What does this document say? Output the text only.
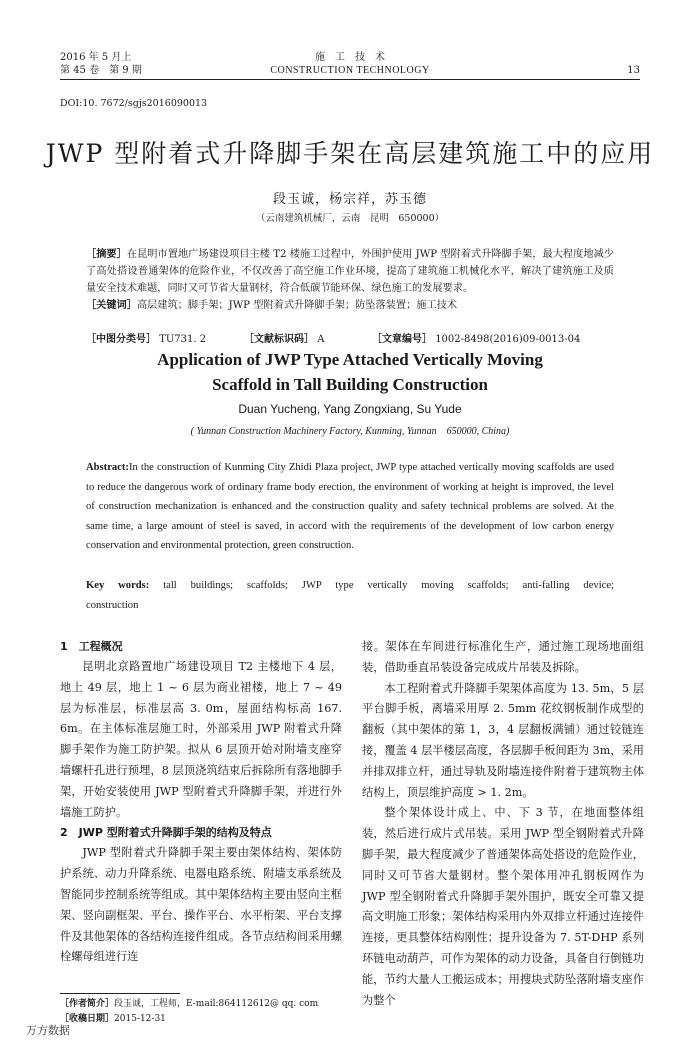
2016 年 5 月上
第 45 卷　第 9 期
施　工　技　术
CONSTRUCTION TECHNOLOGY	13
DOI:10. 7672/sgjs2016090013
JWP 型附着式升降脚手架在高层建筑施工中的应用
段玉诚，杨宗祥，苏玉德
（云南建筑机械厂，云南　昆明　650000）
［摘要］在昆明市置地广场建设项目主楼 T2 楼施工过程中，外围护使用 JWP 型附着式升降脚手架，最大程度地减少了高处搭设普通架体的危险作业，不仅改善了高空施工作业环境，提高了建筑施工机械化水平，解决了建筑施工及质量安全技术难题，同时又可节省大量钢材，符合低碳节能环保、绿色施工的发展要求。
［关键词］高层建筑；脚手架；JWP 型附着式升降脚手架；防坠落装置；施工技术
［中图分类号］ TU731. 2	［文献标识码］ A	［文章编号］ 1002-8498(2016)09-0013-04
Application of JWP Type Attached Vertically Moving
Scaffold in Tall Building Construction
Duan Yucheng, Yang Zongxiang, Su Yude
( Yunnan Construction Machinery Factory, Kunming, Yunnan　650000, China)
Abstract:In the construction of Kunming City Zhidi Plaza project, JWP type attached vertically moving scaffolds are used to reduce the dangerous work of ordinary frame body erection, the environment of working at height is improved, the level of construction mechanization is enhanced and the construction quality and safety technical problems are solved. At the same time, a large amount of steel is saved, in accord with the requirements of the development of low carbon energy conservation and environmental protection, green construction.
Key words: tall buildings; scaffolds; JWP type vertically moving scaffolds; anti-falling device; construction
1　工程概况

昆明北京路置地广场建设项目 T2 主楼地下 4 层，地上 49 层，地上 1 ~ 6 层为商业裙楼，地上 7 ~ 49 层为标准层，标准层高 3. 0m，屋面结构标高 167. 6m。在主体标准层施工时，外部采用 JWP 附着式升降脚手架作为施工防护架。拟从 6 层顶开始对附墙支座穿墙螺杆孔进行预埋，8 层顶浇筑结束后拆除所有落地脚手架，开始安装使用 JWP 型附着式升降脚手架，并进行外墙施工防护。

2　JWP 型附着式升降脚手架的结构及特点

JWP 型附着式升降脚手架主要由架体结构、架体防护系统、动力升降系统、电器电路系统、附墙支承系统及智能同步控制系统等组成。其中架体结构主要由竖向主框架、竖向副框架、平台、操作平台、水平桁架、平台支撑件及其他架体的各结构连接件组成。各节点结构间采用螺栓螺母组进行连

接。架体在车间进行标准化生产，通过施工现场地面组装，借助垂直吊装设备完成成片吊装及拆除。

本工程附着式升降脚手架架体高度为 13. 5m，5 层平台脚手板，离墙采用厚 2. 5mm 花纹钢板制作成型的翻板（其中架体的第 1，3，4 层翻板满铺）通过铰链连接，覆盖 4 层半楼层高度，各层脚手板间距为 3m，采用并排双排立杆，通过导轨及附墙连接件附着于建筑物主体结构上，顶层维护高度 > 1. 2m。

整个架体设计成上、中、下 3 节，在地面整体组装，然后进行成片式吊装。采用 JWP 型全钢附着式升降脚手架，最大程度减少了普通架体高处搭设的危险作业，同时又可节省大量钢材。整个架体用冲孔钢板网作为 JWP 型全钢附着式升降脚手架外围护，既安全可靠又提高文明施工形象；架体结构采用内外双排立杆通过连接件连接，更具整体结构刚性；提升设备为 7. 5T-DHP 系列环链电动葫芦，可作为架体的动力设备，具备自行倒链功能，节约大量人工搬运成本；用搜块式防坠落附墙支座作为整个

［作者简介］段玉诚，工程师，E-mail:864112612@ qq. com
［收稿日期］2015-12-31
万方数据
